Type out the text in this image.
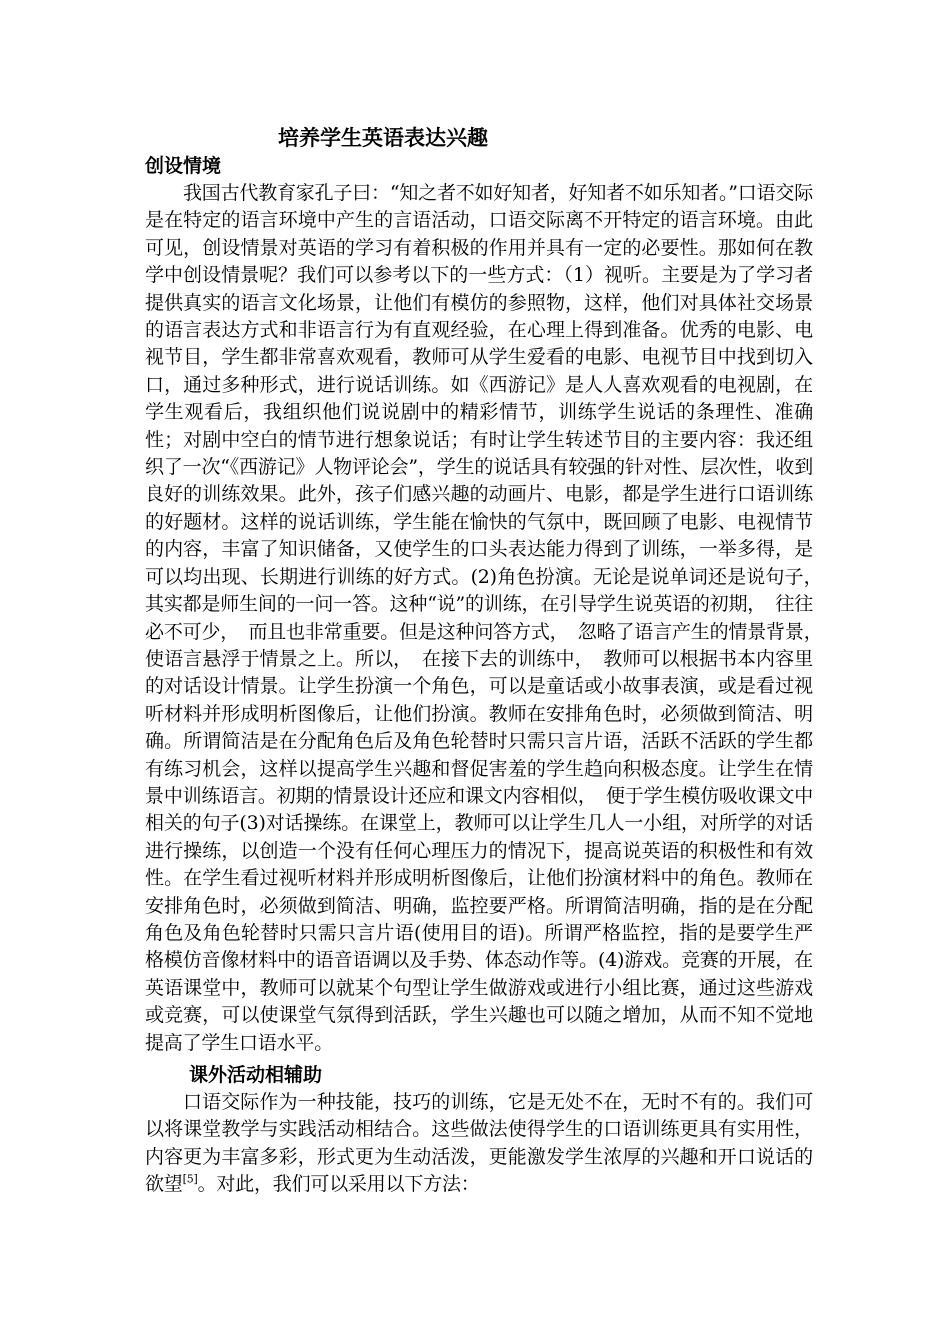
培养学生英语表达兴趣
创设情境

我国古代教育家孔子曰：“知之者不如好知者，好知者不如乐知者。”口语交际是在特定的语言环境中产生的言语活动，口语交际离不开特定的语言环境。由此可见，创设情景对英语的学习有着积极的作用并具有一定的必要性。那如何在教学中创设情景呢？我们可以参考以下的一些方式：（1）视听。主要是为了学习者提供真实的语言文化场景，让他们有模仿的参照物，这样，他们对具体社交场景的语言表达方式和非语言行为有直观经验，在心理上得到准备。优秀的电影、电视节目，学生都非常喜欢观看，教师可从学生爱看的电影、电视节目中找到切入口，通过多种形式，进行说话训练。如《西游记》是人人喜欢观看的电视剧，在学生观看后，我组织他们说说剧中的精彩情节，训练学生说话的条理性、准确性；对剧中空白的情节进行想象说话；有时让学生转述节目的主要内容：我还组织了一次“《西游记》人物评论会”，学生的说话具有较强的针对性、层次性，收到良好的训练效果。此外，孩子们感兴趣的动画片、电影，都是学生进行口语训练的好题材。这样的说话训练，学生能在愉快的气氛中，既回顾了电影、电视情节的内容，丰富了知识储备，又使学生的口头表达能力得到了训练，一举多得，是可以均出现、长期进行训练的好方式。(2)角色扮演。无论是说单词还是说句子，　其实都是师生间的一问一答。这种“说”的训练，在引导学生说英语的初期，　往往必不可少，　而且也非常重要。但是这种问答方式，　忽略了语言产生的情景背景，　使语言悬浮于情景之上。所以，　在接下去的训练中，　教师可以根据书本内容里的对话设计情景。让学生扮演一个角色，可以是童话或小故事表演，或是看过视听材料并形成明析图像后，让他们扮演。教师在安排角色时，必须做到简洁、明确。所谓简洁是在分配角色后及角色轮替时只需只言片语，活跃不活跃的学生都有练习机会，这样以提高学生兴趣和督促害羞的学生趋向积极态度。让学生在情景中训练语言。初期的情景设计还应和课文内容相似，　便于学生模仿吸收课文中相关的句子(3)对话操练。在课堂上，教师可以让学生几人一小组，对所学的对话进行操练，以创造一个没有任何心理压力的情况下，提高说英语的积极性和有效性。在学生看过视听材料并形成明析图像后，让他们扮演材料中的角色。教师在安排角色时，必须做到简洁、明确，监控要严格。所谓简洁明确，指的是在分配角色及角色轮替时只需只言片语(使用目的语)。所谓严格监控，指的是要学生严格模仿音像材料中的语音语调以及手势、体态动作等。(4)游戏。竞赛的开展，在英语课堂中，教师可以就某个句型让学生做游戏或进行小组比赛，通过这些游戏或竞赛，可以使课堂气氛得到活跃，学生兴趣也可以随之增加，从而不知不觉地提高了学生口语水平。

课外活动相辅助

口语交际作为一种技能，技巧的训练，它是无处不在，无时不有的。我们可以将课堂教学与实践活动相结合。这些做法使得学生的口语训练更具有实用性，内容更为丰富多彩，形式更为生动活泼，更能激发学生浓厚的兴趣和开口说话的欲望[5]。对此，我们可以采用以下方法：
